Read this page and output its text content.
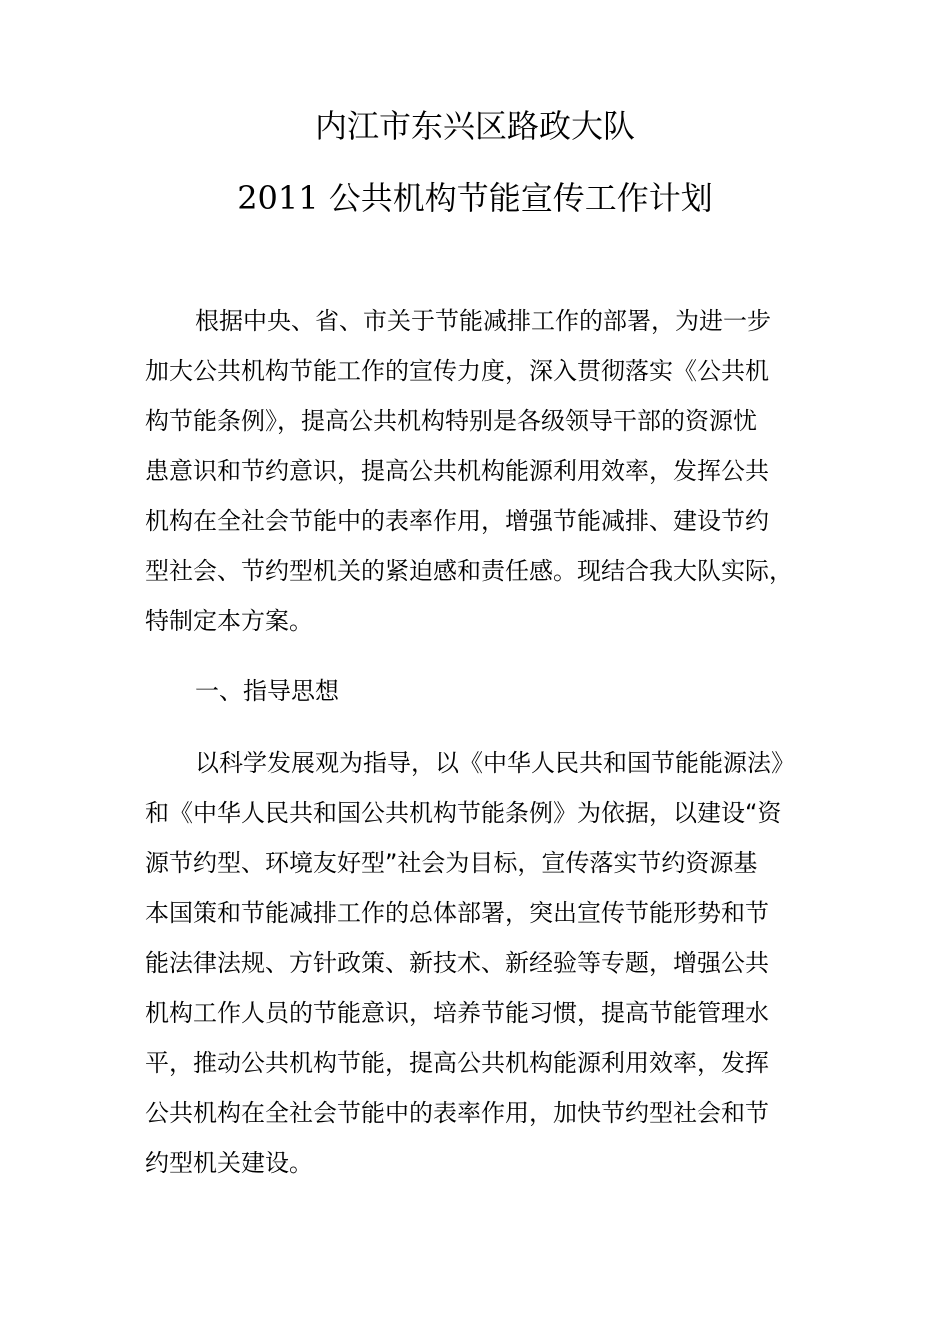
内江市东兴区路政大队
2011 公共机构节能宣传工作计划
根据中央、省、市关于节能减排工作的部署，为进一步
加大公共机构节能工作的宣传力度，深入贯彻落实《公共机
构节能条例》，提高公共机构特别是各级领导干部的资源忧
患意识和节约意识，提高公共机构能源利用效率，发挥公共
机构在全社会节能中的表率作用，增强节能减排、建设节约
型社会、节约型机关的紧迫感和责任感。现结合我大队实际，
特制定本方案。
一、指导思想
以科学发展观为指导，以《中华人民共和国节能能源法》
和《中华人民共和国公共机构节能条例》为依据，以建设“资
源节约型、环境友好型”社会为目标，宣传落实节约资源基
本国策和节能减排工作的总体部署，突出宣传节能形势和节
能法律法规、方针政策、新技术、新经验等专题，增强公共
机构工作人员的节能意识，培养节能习惯，提高节能管理水
平，推动公共机构节能，提高公共机构能源利用效率，发挥
公共机构在全社会节能中的表率作用，加快节约型社会和节
约型机关建设。
